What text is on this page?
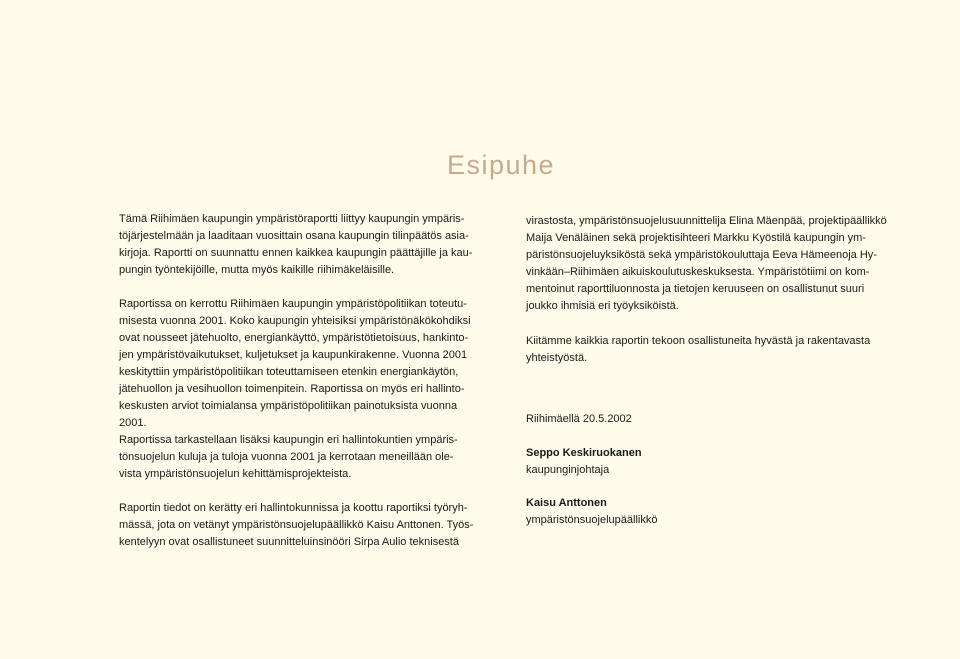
Esipuhe

Tämä Riihimäen kaupungin ympäristöraportti liittyy kaupungin ympäris-

töjärjestelmään ja laaditaan vuosittain osana kaupungin tilinpäätös asia-

kirjoja. Raportti on suunnattu ennen kaikkea kaupungin päättäjille ja kau-

pungin työntekijöille, mutta myös kaikille riihimäkeläisille.

Raportissa on kerrottu Riihimäen kaupungin ympäristöpolitiikan toteutu-

misesta vuonna 2001. Koko kaupungin yhteisiksi ympäristönäkökohdiksi

ovat nousseet jätehuolto, energiankäyttö, ympäristötietoisuus, hankinto-

jen ympäristövaikutukset, kuljetukset ja kaupunkirakenne. Vuonna 2001

keskityttiin ympäristöpolitiikan toteuttamiseen etenkin energiankäytön,

jätehuollon ja vesihuollon toimenpitein. Raportissa on myös eri hallinto-

keskusten arviot toimialansa ympäristöpolitiikan painotuksista vuonna 2001.

Raportissa tarkastellaan lisäksi kaupungin eri hallintokuntien ympäris-

tönsuojelun kuluja ja tuloja vuonna 2001 ja kerrotaan meneillään ole-

vista ympäristönsuojelun kehittämisprojekteista.

Raportin tiedot on kerätty eri hallintokunnissa ja koottu raportiksi työryh-

mässä, jota on vetänyt ympäristönsuojelupäällikkö Kaisu Anttonen. Työs-

kentelyyn ovat osallistuneet suunnitteluinsinööri Sirpa Aulio teknisestä

virastosta, ympäristönsuojelusuunnittelija Elina Mäenpää, projektipäällikkö

Maija Venäläinen sekä projektisihteeri Markku Kyöstilä kaupungin ym-

päristönsuojeluyksiköstä sekä ympäristökouluttaja Eeva Hämeenoja Hy-

vinkään–Riihimäen aikuiskoulutuskeskuksesta. Ympäristötiimi on kom-

mentoinut raporttiluonnosta ja tietojen keruuseen on osallistunut suuri

joukko ihmisiä eri työyksiköistä.

Kiitämme kaikkia raportin tekoon osallistuneita hyvästä ja rakentavasta

yhteistyöstä.

Riihimäellä 20.5.2002

Seppo Keskiruokanen

kaupunginjohtaja

Kaisu Anttonen

ympäristönsuojelupäällikkö
